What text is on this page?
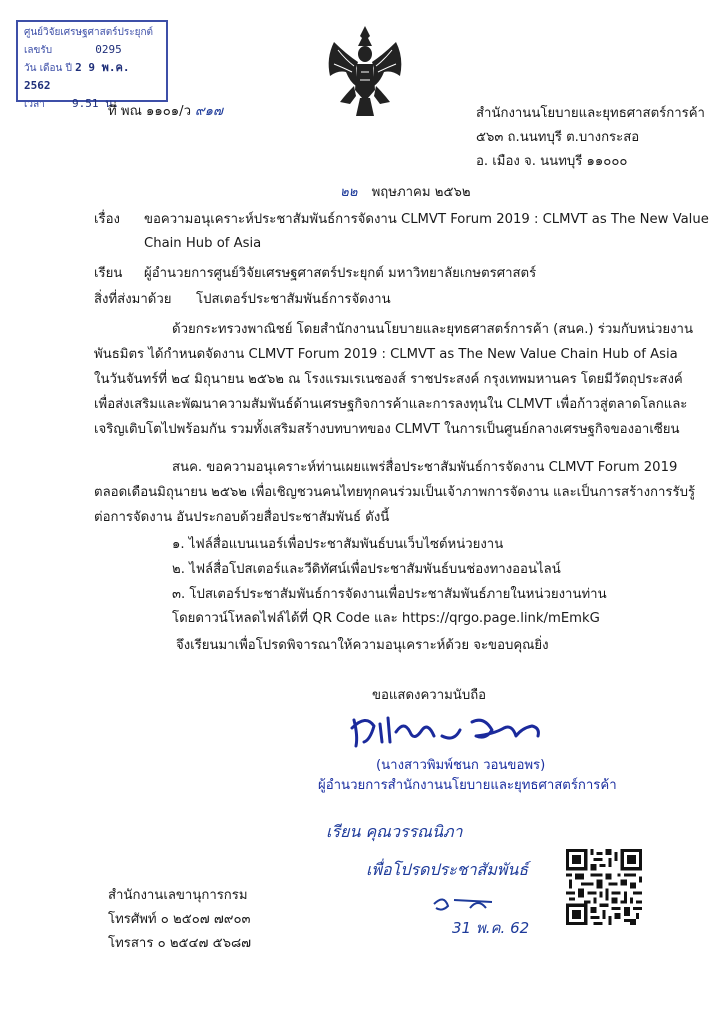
ศูนย์วิจัยเศรษฐศาสตร์ประยุกต์
เลขรับ	0295
วัน เดือน ปี 2 9 พ.ค. 2562
เวลา 9.51 น.
ที่ พณ ๑๑๐๑/ว ๙๑๗	สำนักงานนโยบายและยุทธศาสตร์การค้า
๕๖๓ ถ.นนทบุรี ต.บางกระสอ
อ. เมือง จ. นนทบุรี ๑๑๐๐๐
๒๒ พฤษภาคม ๒๕๖๒
เรื่อง ขอความอนุเคราะห์ประชาสัมพันธ์การจัดงาน CLMVT Forum 2019 : CLMVT as The New Value
Chain Hub of Asia
เรียน ผู้อำนวยการศูนย์วิจัยเศรษฐศาสตร์ประยุกต์ มหาวิทยาลัยเกษตรศาสตร์
สิ่งที่ส่งมาด้วย โปสเตอร์ประชาสัมพันธ์การจัดงาน
ด้วยกระทรวงพาณิชย์ โดยสำนักงานนโยบายและยุทธศาสตร์การค้า (สนค.) ร่วมกับหน่วยงาน
พันธมิตร ได้กำหนดจัดงาน CLMVT Forum 2019 : CLMVT as The New Value Chain Hub of Asia
ในวันจันทร์ที่ ๒๔ มิถุนายน ๒๕๖๒ ณ โรงแรมเรเนซองส์ ราชประสงค์ กรุงเทพมหานคร โดยมีวัตถุประสงค์
เพื่อส่งเสริมและพัฒนาความสัมพันธ์ด้านเศรษฐกิจการค้าและการลงทุนใน CLMVT เพื่อก้าวสู่ตลาดโลกและ
เจริญเติบโตไปพร้อมกัน รวมทั้งเสริมสร้างบทบาทของ CLMVT ในการเป็นศูนย์กลางเศรษฐกิจของอาเซียน
สนค. ขอความอนุเคราะห์ท่านเผยแพร่สื่อประชาสัมพันธ์การจัดงาน CLMVT Forum 2019
ตลอดเดือนมิถุนายน ๒๕๖๒ เพื่อเชิญชวนคนไทยทุกคนร่วมเป็นเจ้าภาพการจัดงาน และเป็นการสร้างการรับรู้
ต่อการจัดงาน อันประกอบด้วยสื่อประชาสัมพันธ์ ดังนี้
๑. ไฟล์สื่อแบนเนอร์เพื่อประชาสัมพันธ์บนเว็บไซต์หน่วยงาน
๒. ไฟล์สื่อโปสเตอร์และวีดิทัศน์เพื่อประชาสัมพันธ์บนช่องทางออนไลน์
๓. โปสเตอร์ประชาสัมพันธ์การจัดงานเพื่อประชาสัมพันธ์ภายในหน่วยงานท่าน
โดยดาวน์โหลดไฟล์ได้ที่ QR Code และ https://qrgo.page.link/mEmkG
จึงเรียนมาเพื่อโปรดพิจารณาให้ความอนุเคราะห์ด้วย จะขอบคุณยิ่ง
ขอแสดงความนับถือ
(นางสาวพิมพ์ชนก วอนขอพร)
ผู้อำนวยการสำนักงานนโยบายและยุทธศาสตร์การค้า
เรียน คุณวรรณนิภา
เพื่อโปรดประชาสัมพันธ์
31 พ.ค. 62
สำนักงานเลขานุการกรม
โทรศัพท์ ๐ ๒๕๐๗ ๗๙๐๓
โทรสาร ๐ ๒๕๔๗ ๕๖๘๗
